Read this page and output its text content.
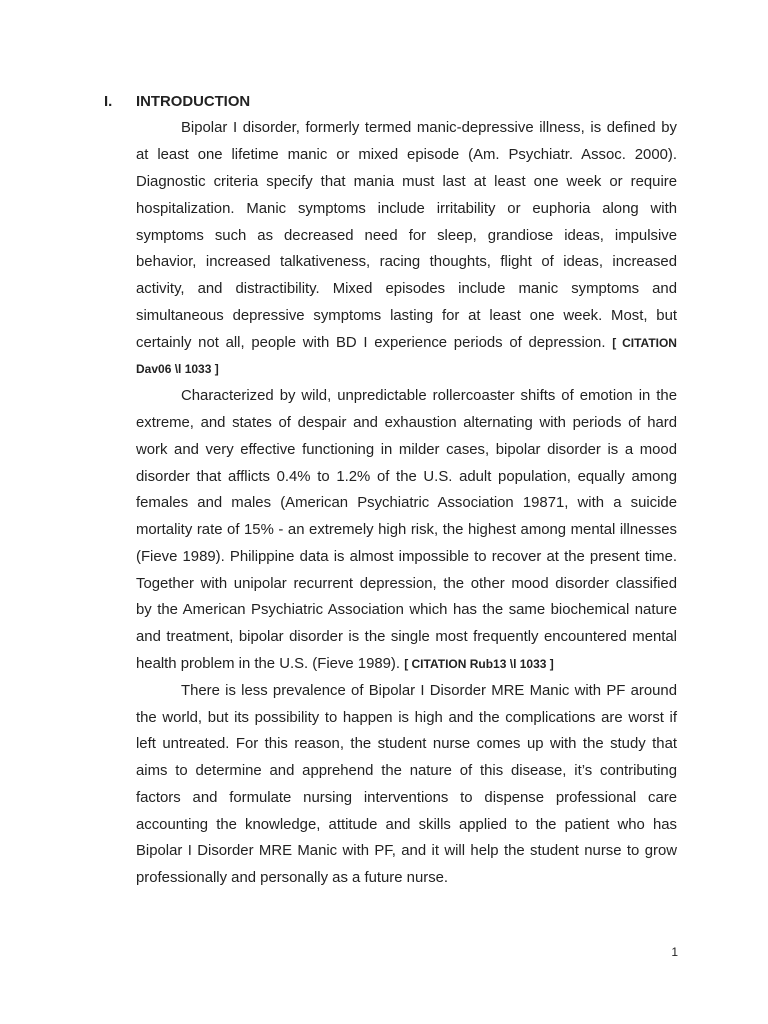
I. INTRODUCTION
Bipolar I disorder, formerly termed manic-depressive illness, is defined by
at least one lifetime manic or mixed episode (Am. Psychiatr. Assoc. 2000).
Diagnostic criteria specify that mania must last at least one week or require
hospitalization. Manic symptoms include irritability or euphoria along with
symptoms such as decreased need for sleep, grandiose ideas, impulsive
behavior, increased talkativeness, racing thoughts, flight of ideas, increased
activity, and distractibility. Mixed episodes include manic symptoms and
simultaneous depressive symptoms lasting for at least one week. Most, but
certainly not all, people with BD I experience periods of depression. [ CITATION
Dav06 \l 1033 ]
Characterized by wild, unpredictable rollercoaster shifts of emotion in the
extreme, and states of despair and exhaustion alternating with periods of hard
work and very effective functioning in milder cases, bipolar disorder is a mood
disorder that afflicts 0.4% to 1.2% of the U.S. adult population, equally among
females and males (American Psychiatric Association 19871, with a suicide
mortality rate of 15% - an extremely high risk, the highest among mental illnesses
(Fieve 1989). Philippine data is almost impossible to recover at the present time.
Together with unipolar recurrent depression, the other mood disorder classified
by the American Psychiatric Association which has the same biochemical nature
and treatment, bipolar disorder is the single most frequently encountered mental
health problem in the U.S. (Fieve 1989). [ CITATION Rub13 \l 1033 ]
There is less prevalence of Bipolar I Disorder MRE Manic with PF around
the world, but its possibility to happen is high and the complications are worst if
left untreated. For this reason, the student nurse comes up with the study that
aims to determine and apprehend the nature of this disease, it’s contributing
factors and formulate nursing interventions to dispense professional care
accounting the knowledge, attitude and skills applied to the patient who has
Bipolar I Disorder MRE Manic with PF, and it will help the student nurse to grow
professionally and personally as a future nurse.
1
